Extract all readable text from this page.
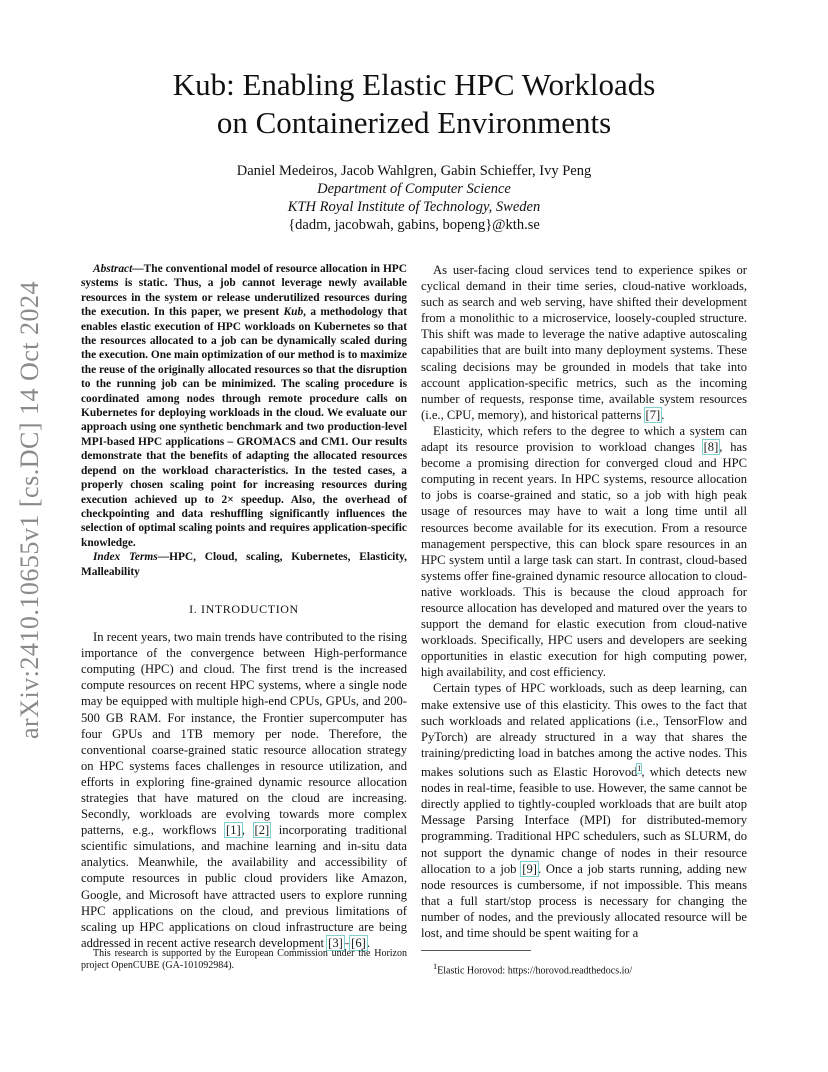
arXiv:2410.10655v1 [cs.DC] 14 Oct 2024
Kub: Enabling Elastic HPC Workloads
on Containerized Environments
Daniel Medeiros, Jacob Wahlgren, Gabin Schieffer, Ivy Peng
Department of Computer Science
KTH Royal Institute of Technology, Sweden
{dadm, jacobwah, gabins, bopeng}@kth.se

Abstract—The conventional model of resource allocation in HPC systems is static. Thus, a job cannot leverage newly available resources in the system or release underutilized resources during the execution. In this paper, we present Kub, a methodology that enables elastic execution of HPC workloads on Kubernetes so that the resources allocated to a job can be dynamically scaled during the execution. One main optimization of our method is to maximize the reuse of the originally allocated resources so that the disruption to the running job can be minimized. The scaling procedure is coordinated among nodes through remote procedure calls on Kubernetes for deploying workloads in the cloud. We evaluate our approach using one synthetic benchmark and two production-level MPI-based HPC applications – GROMACS and CM1. Our results demonstrate that the benefits of adapting the allocated resources depend on the workload characteristics. In the tested cases, a properly chosen scaling point for increasing resources during execution achieved up to 2× speedup. Also, the overhead of checkpointing and data reshuffling significantly influences the selection of optimal scaling points and requires application-specific knowledge.

Index Terms—HPC, Cloud, scaling, Kubernetes, Elasticity, Malleability

I. INTRODUCTION

In recent years, two main trends have contributed to the rising importance of the convergence between High-performance computing (HPC) and cloud. The first trend is the increased compute resources on recent HPC systems, where a single node may be equipped with multiple high-end CPUs, GPUs, and 200-500 GB RAM. For instance, the Frontier supercomputer has four GPUs and 1TB memory per node. Therefore, the conventional coarse-grained static resource allocation strategy on HPC systems faces challenges in resource utilization, and efforts in exploring fine-grained dynamic resource allocation strategies that have matured on the cloud are increasing. Secondly, workloads are evolving towards more complex patterns, e.g., workflows [1], [2] incorporating traditional scientific simulations, and machine learning and in-situ data analytics. Meanwhile, the availability and accessibility of compute resources in public cloud providers like Amazon, Google, and Microsoft have attracted users to explore running HPC applications on the cloud, and previous limitations of scaling up HPC applications on cloud infrastructure are being addressed in recent active research development [3]–[6].

As user-facing cloud services tend to experience spikes or cyclical demand in their time series, cloud-native workloads, such as search and web serving, have shifted their development from a monolithic to a microservice, loosely-coupled structure. This shift was made to leverage the native adaptive autoscaling capabilities that are built into many deployment systems. These scaling decisions may be grounded in models that take into account application-specific metrics, such as the incoming number of requests, response time, available system resources (i.e., CPU, memory), and historical patterns [7].

Elasticity, which refers to the degree to which a system can adapt its resource provision to workload changes [8], has become a promising direction for converged cloud and HPC computing in recent years. In HPC systems, resource allocation to jobs is coarse-grained and static, so a job with high peak usage of resources may have to wait a long time until all resources become available for its execution. From a resource management perspective, this can block spare resources in an HPC system until a large task can start. In contrast, cloud-based systems offer fine-grained dynamic resource allocation to cloud-native workloads. This is because the cloud approach for resource allocation has developed and matured over the years to support the demand for elastic execution from cloud-native workloads. Specifically, HPC users and developers are seeking opportunities in elastic execution for high computing power, high availability, and cost efficiency.

Certain types of HPC workloads, such as deep learning, can make extensive use of this elasticity. This owes to the fact that such workloads and related applications (i.e., TensorFlow and PyTorch) are already structured in a way that shares the training/predicting load in batches among the active nodes. This makes solutions such as Elastic Horovod$^1$, which detects new nodes in real-time, feasible to use. However, the same cannot be directly applied to tightly-coupled workloads that are built atop Message Parsing Interface (MPI) for distributed-memory programming. Traditional HPC schedulers, such as SLURM, do not support the dynamic change of nodes in their resource allocation to a job [9]. Once a job starts running, adding new node resources is cumbersome, if not impossible. This means that a full start/stop process is necessary for changing the number of nodes, and the previously allocated resource will be lost, and time should be spent waiting for a

This research is supported by the European Commission under the Horizon project OpenCUBE (GA-101092984).	$^1$Elastic Horovod: https://horovod.readthedocs.io/
